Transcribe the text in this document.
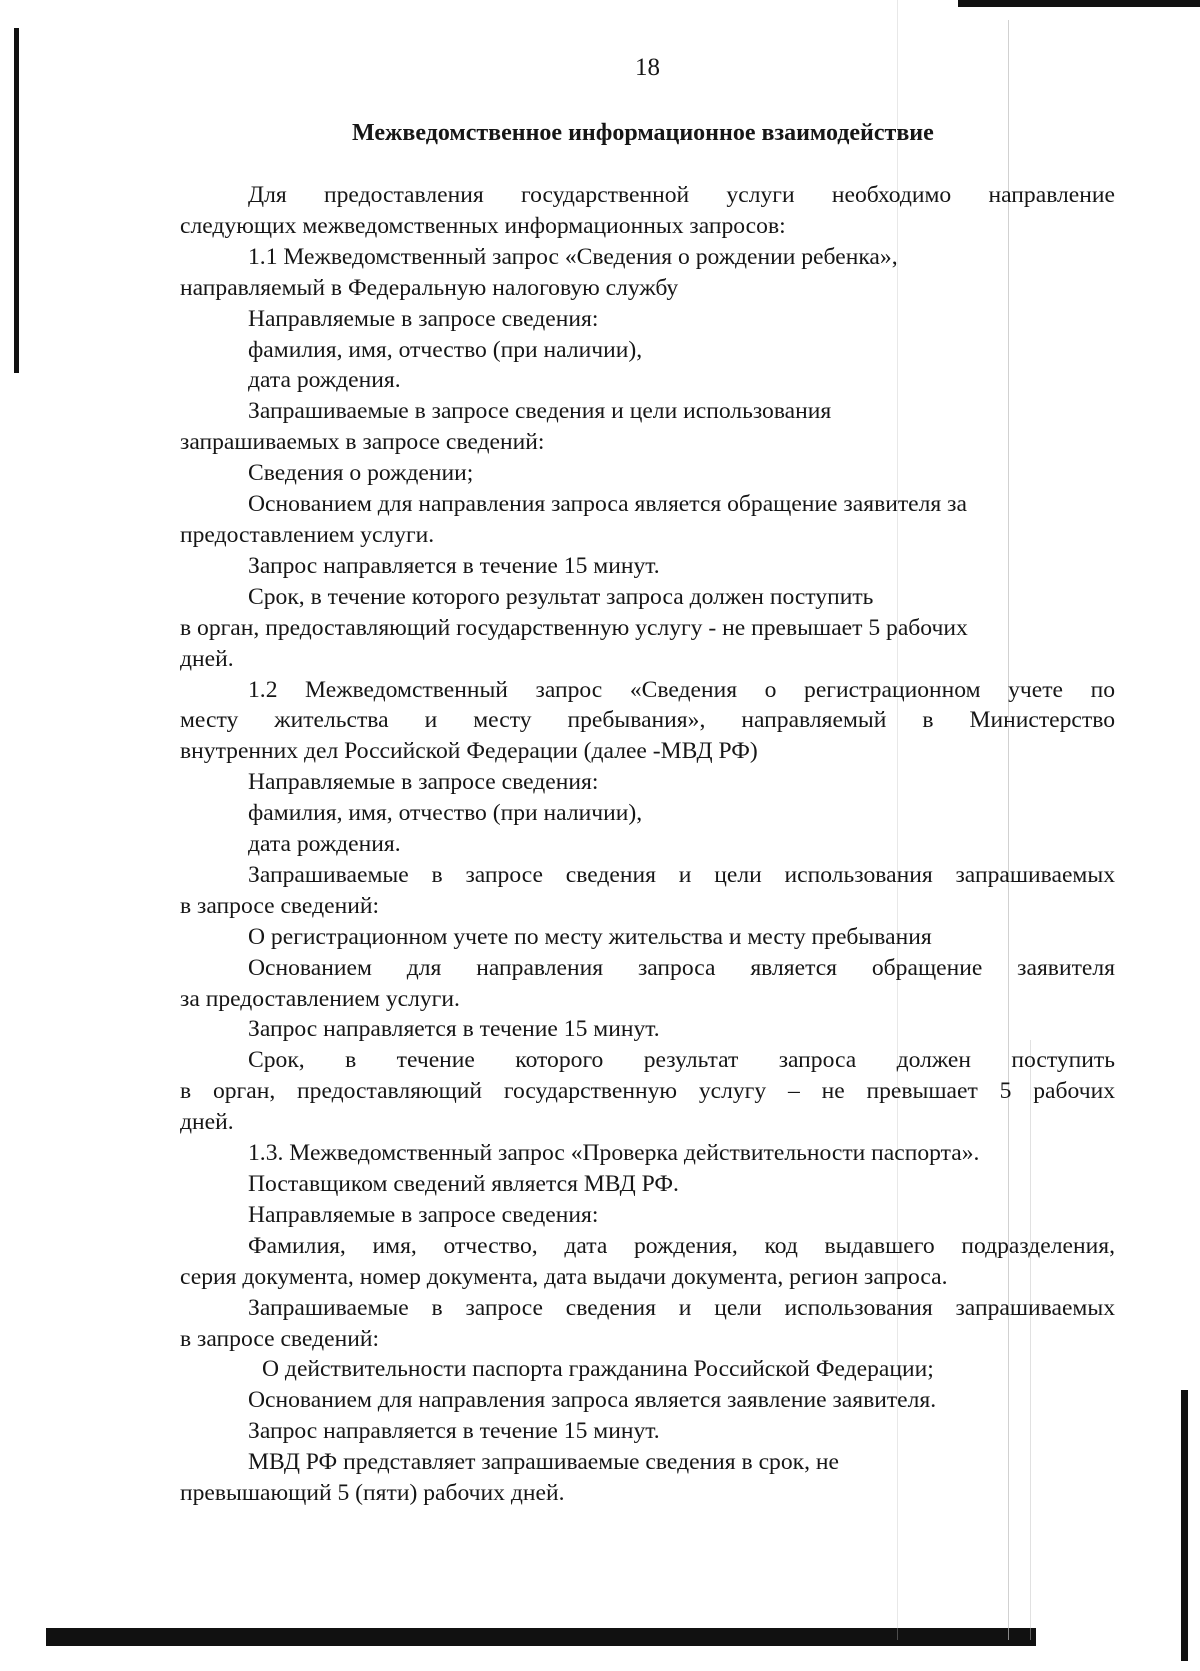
18
Межведомственное информационное взаимодействие
Для предоставления государственной услуги необходимо направление
следующих межведомственных информационных запросов:
1.1 Межведомственный запрос «Сведения о рождении ребенка»,
направляемый в Федеральную налоговую службу
Направляемые в запросе сведения:
фамилия, имя, отчество (при наличии),
дата рождения.
Запрашиваемые в запросе сведения и цели использования
запрашиваемых в запросе сведений:
Сведения о рождении;
Основанием для направления запроса является обращение заявителя за
предоставлением услуги.
Запрос направляется в течение 15 минут.
Срок, в течение которого результат запроса должен поступить
в орган, предоставляющий государственную услугу - не превышает 5 рабочих
дней.
1.2 Межведомственный запрос «Сведения о регистрационном учете по
месту жительства и месту пребывания», направляемый в Министерство
внутренних дел Российской Федерации (далее -МВД РФ)
Направляемые в запросе сведения:
фамилия, имя, отчество (при наличии),
дата рождения.
Запрашиваемые в запросе сведения и цели использования запрашиваемых
в запросе сведений:
О регистрационном учете по месту жительства и месту пребывания
Основанием для направления запроса является обращение заявителя
за предоставлением услуги.
Запрос направляется в течение 15 минут.
Срок, в течение которого результат запроса должен поступить
в орган, предоставляющий государственную услугу – не превышает 5 рабочих
дней.
1.3. Межведомственный запрос «Проверка действительности паспорта».
Поставщиком сведений является МВД РФ.
Направляемые в запросе сведения:
Фамилия, имя, отчество, дата рождения, код выдавшего подразделения,
серия документа, номер документа, дата выдачи документа, регион запроса.
Запрашиваемые в запросе сведения и цели использования запрашиваемых
в запросе сведений:
О действительности паспорта гражданина Российской Федерации;
Основанием для направления запроса является заявление заявителя.
Запрос направляется в течение 15 минут.
МВД РФ представляет запрашиваемые сведения в срок, не
превышающий 5 (пяти) рабочих дней.
